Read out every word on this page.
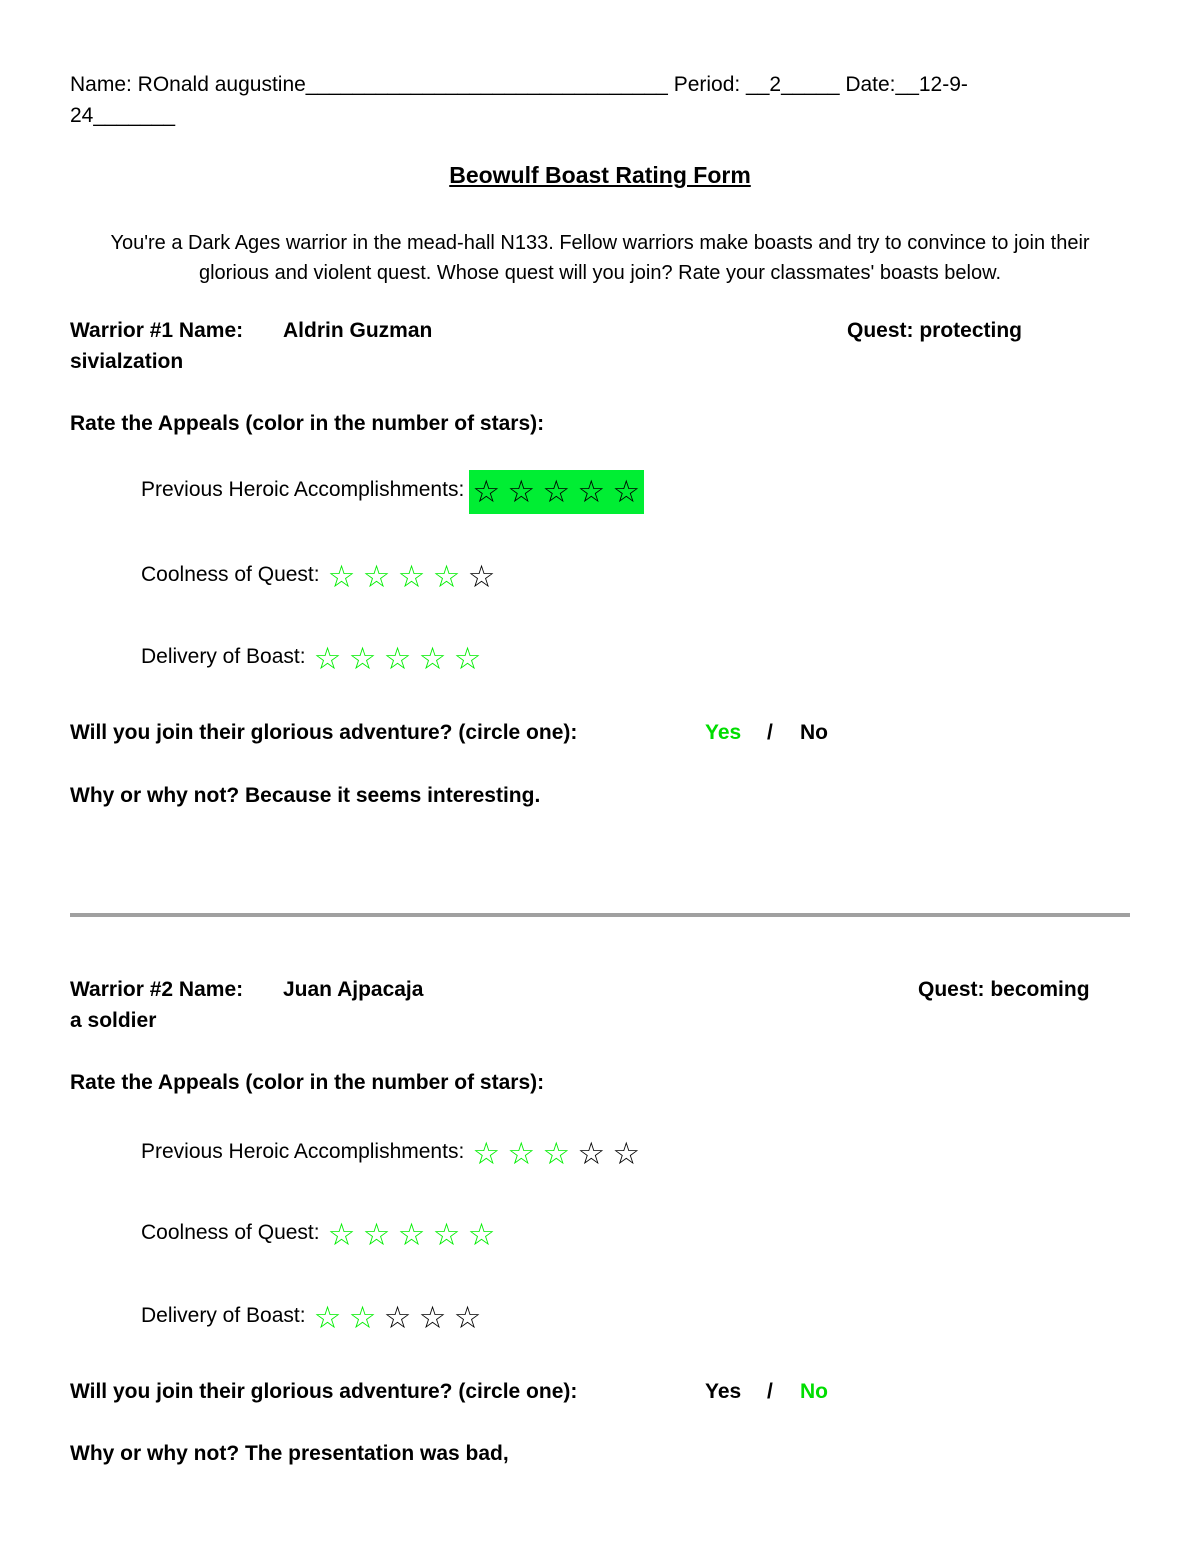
Name: ROnald augustine_______________________________ Period: __2_____ Date:__12-9-
24_______
Beowulf Boast Rating Form
You're a Dark Ages warrior in the mead-hall N133. Fellow warriors make boasts and try to convince to join their glorious and violent quest. Whose quest will you join? Rate your classmates' boasts below.
Warrior #1 Name: Aldrin Guzman	Quest: protecting
sivialzation
Rate the Appeals (color in the number of stars):
Previous Heroic Accomplishments: ☆ ☆ ☆ ☆ ☆
Coolness of Quest: ☆ ☆ ☆ ☆ ☆
Delivery of Boast: ☆ ☆ ☆ ☆ ☆
Will you join their glorious adventure? (circle one):	Yes / No
Why or why not? Because it seems interesting.
Warrior #2 Name: Juan Ajpacaja	Quest: becoming
a soldier
Rate the Appeals (color in the number of stars):
Previous Heroic Accomplishments: ☆ ☆ ☆ ☆ ☆
Coolness of Quest: ☆ ☆ ☆ ☆ ☆
Delivery of Boast: ☆ ☆ ☆ ☆ ☆
Will you join their glorious adventure? (circle one):	Yes / No
Why or why not? The presentation was bad,
